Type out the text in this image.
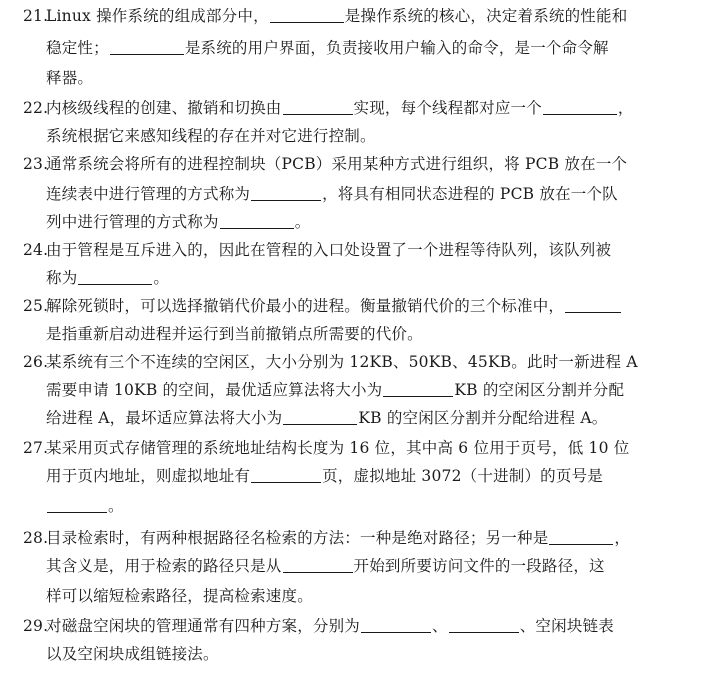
21.Linux 操作系统的组成部分中，	是操作系统的核心，决定着系统的性能和
稳定性；	是系统的用户界面，负责接收用户输入的命令，是一个命令解
释器。
22.内核级线程的创建、撤销和切换由	实现，每个线程都对应一个	，
系统根据它来感知线程的存在并对它进行控制。
23.通常系统会将所有的进程控制块（PCB）采用某种方式进行组织，将 PCB 放在一个
连续表中进行管理的方式称为	，将具有相同状态进程的 PCB 放在一个队
列中进行管理的方式称为	。
24.由于管程是互斥进入的，因此在管程的入口处设置了一个进程等待队列，该队列被
称为	。
25.解除死锁时，可以选择撤销代价最小的进程。衡量撤销代价的三个标准中，
是指重新启动进程并运行到当前撤销点所需要的代价。
26.某系统有三个不连续的空闲区，大小分别为 12KB、50KB、45KB。此时一新进程 A
需要申请 10KB 的空间，最优适应算法将大小为	KB 的空闲区分割并分配
给进程 A，最坏适应算法将大小为	KB 的空闲区分割并分配给进程 A。
27.某采用页式存储管理的系统地址结构长度为 16 位，其中高 6 位用于页号，低 10 位
用于页内地址，则虚拟地址有	页，虚拟地址 3072（十进制）的页号是
。
28.目录检索时，有两种根据路径名检索的方法：一种是绝对路径；另一种是	，
其含义是，用于检索的路径只是从	开始到所要访问文件的一段路径，这
样可以缩短检索路径，提高检索速度。
29.对磁盘空闲块的管理通常有四种方案，分别为	、	、空闲块链表
以及空闲块成组链接法。
